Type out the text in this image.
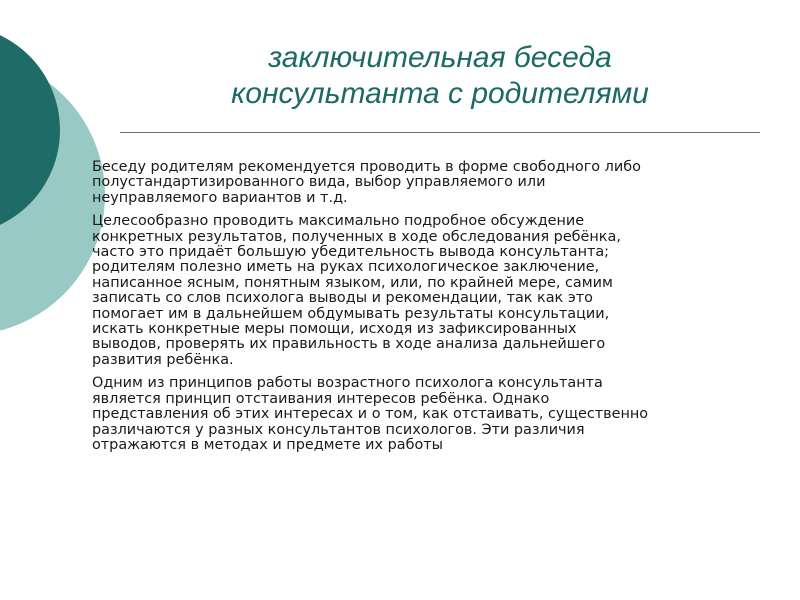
заключительная беседа
консультанта с родителями
Беседу родителям рекомендуется проводить в форме свободного либо
полустандартизированного вида, выбор управляемого или
неуправляемого вариантов и т.д.
Целесообразно проводить максимально подробное обсуждение
конкретных результатов, полученных в ходе обследования ребёнка,
часто это придаёт большую убедительность вывода консультанта;
родителям полезно иметь на руках психологическое заключение,
написанное ясным, понятным языком, или, по крайней мере, самим
записать со слов психолога выводы и рекомендации, так как это
помогает им в дальнейшем обдумывать результаты консультации,
искать конкретные меры помощи, исходя из зафиксированных
выводов, проверять их правильность в ходе анализа дальнейшего
развития ребёнка.
Одним из принципов работы возрастного психолога консультанта
является принцип отстаивания интересов ребёнка. Однако
представления об этих интересах и о том, как отстаивать, существенно
различаются у разных консультантов психологов. Эти различия
отражаются в методах и предмете их работы
